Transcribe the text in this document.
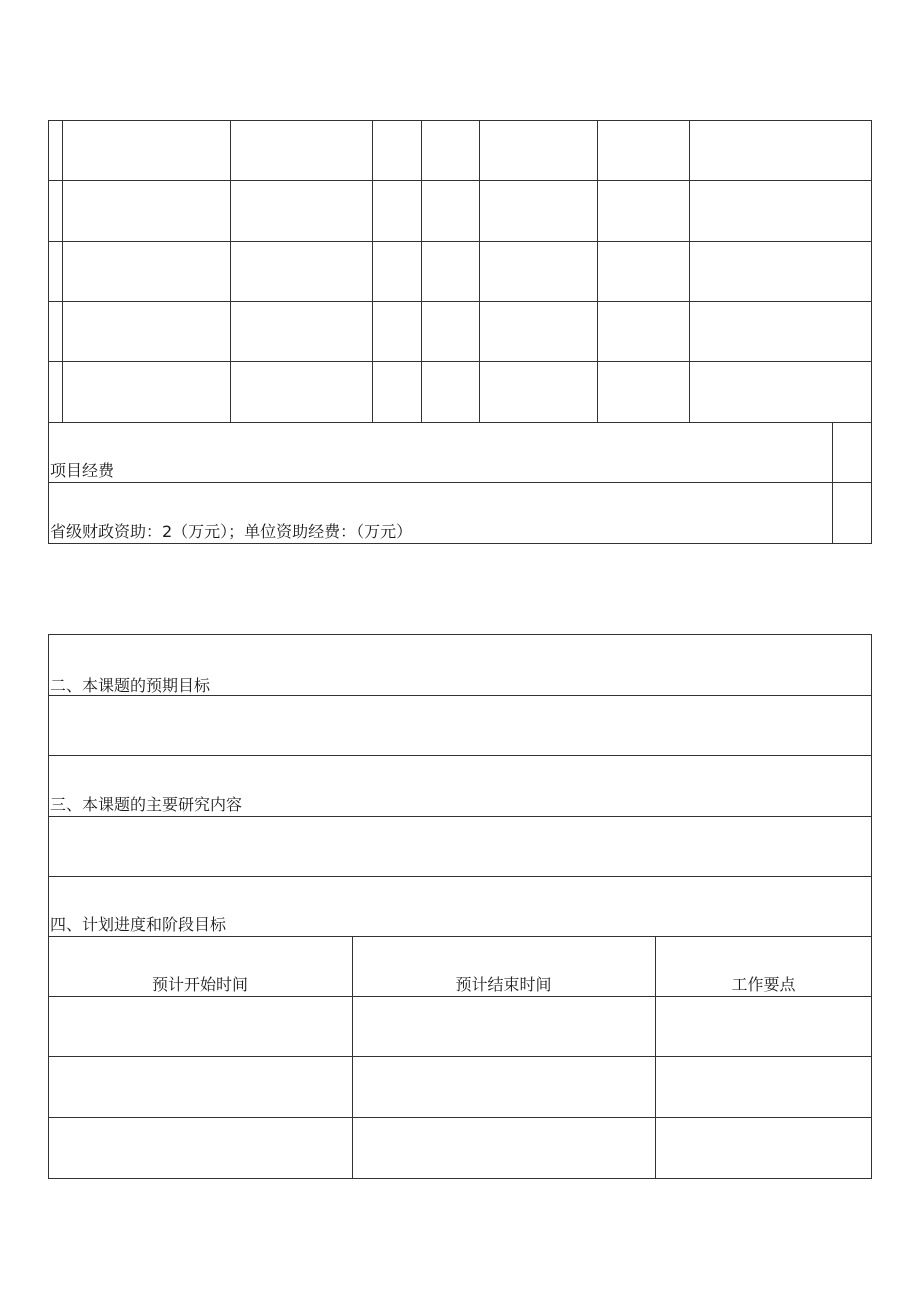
项目经费
省级财政资助：2（万元）；单位资助经费：（万元）
二、本课题的预期目标
三、本课题的主要研究内容
四、计划进度和阶段目标
预计开始时间	预计结束时间	工作要点
